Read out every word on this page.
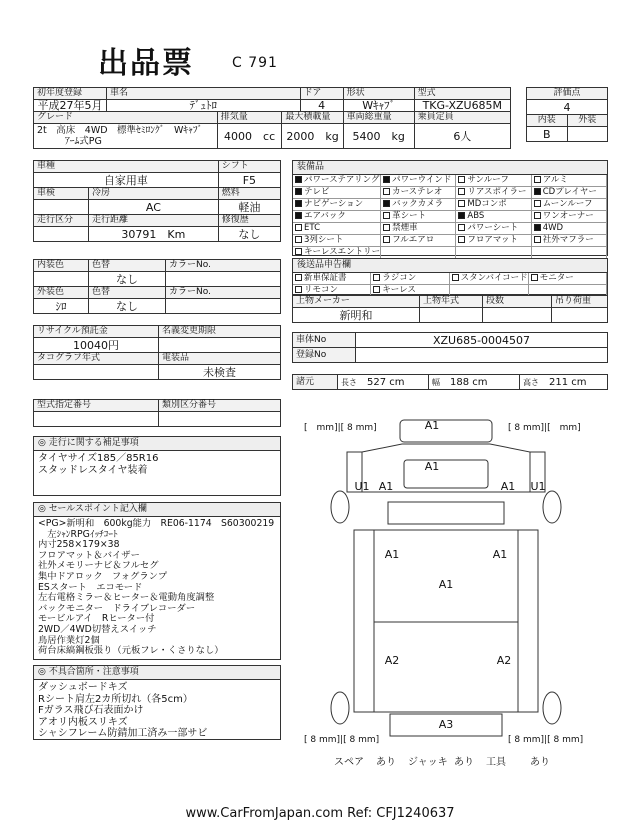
出品票	C 791
初年度登録	車名			ドア	形状	型式
平成27年5月	ﾃﾞｭﾄﾛ			4	Wｷｬﾌﾞ	TKG-XZU685M
グレード		排気量	最大積載量		車両総重量	乗員定員

2t　高床　4WD　標準ｾﾐﾛﾝｸﾞ　Wｷｬﾌﾞ
ｱｰﾑ式PG		4000　 cc	2000　 kg		5400　 kg	6人
評価点	
4	
内装	外装
B	
車種		シフト
自家用車		F5
車検	冷房	燃料
	AC	軽油
走行区分	走行距離	修復歴
	30791　 Km	なし
内装色	色替	カラーNo.
	なし	
外装色	色替	カラーNo.
ｼﾛ	なし	
リサイクル預託金	名義変更期限
10040円	
タコグラフ年式	電装品
	未検査
型式指定番号	類別区分番号

◎ 走行に関する補足事項
タイヤサイズ185／85R16
スタッドレスタイヤ装着
◎ セールスポイント記入欄
<PG>新明和　600kg能力　RE06-1174　S60300219
　左ｼｬﾝRPGｲｯﾁｺｰﾄ
内寸258×179×38
フロアマット＆バイザー
社外メモリーナビ＆フルセグ
集中ドアロック　フォグランプ
ESスタート　エコモード
左右電格ミラー＆ヒーター＆電動角度調整
バックモニター　ドライブレコーダー
モービルアイ　Rヒーター付
2WD／4WD切替えスイッチ
鳥居作業灯2個
荷台床縞鋼板張り（元板フレ・くさりなし）
◎ 不具合箇所・注意事項
ダッシュボードキズ
Rシート肩左2カ所切れ（各5cm）
Fガラス飛び石表面かけ
アオリ内板スリキズ
シャシフレーム防錆加工済み一部サビ
装備品
パワーステアリング	パワーウインド	サンルーフ	アルミ
テレビ	カーステレオ	リアスポイラー	CDプレイヤー
ナビゲーション	バックカメラ	MDコンポ	ムーンルーフ
エアバック	革シート	ABS	ワンオーナー
ETC	禁煙車	パワーシート	4WD
3列シート	フルエアロ	フロアマット	社外マフラー
キーレスエントリー
後送品申告欄
新車保証書	ラジコン	スタンバイコード	モニター
リモコン	キーレス
上物メーカー	上物年式	段数	吊り荷重
新明和			
車体No	XZU685-0004507
登録No	
諸元	長さ　 527 cm	幅　 188 cm	高さ　 211 cm
A1
A1
U1 A1	U1
A1
A1	A1
A1
A2	A2
A3
[　mm]|[ 8 mm]	[ 8 mm]|[　mm]
[ 8 mm]|[ 8 mm]	[ 8 mm]|[ 8 mm]
スペア あり ジャッキ あり 工具 あり
www.CarFromJapan.com Ref: CFJ1240637
